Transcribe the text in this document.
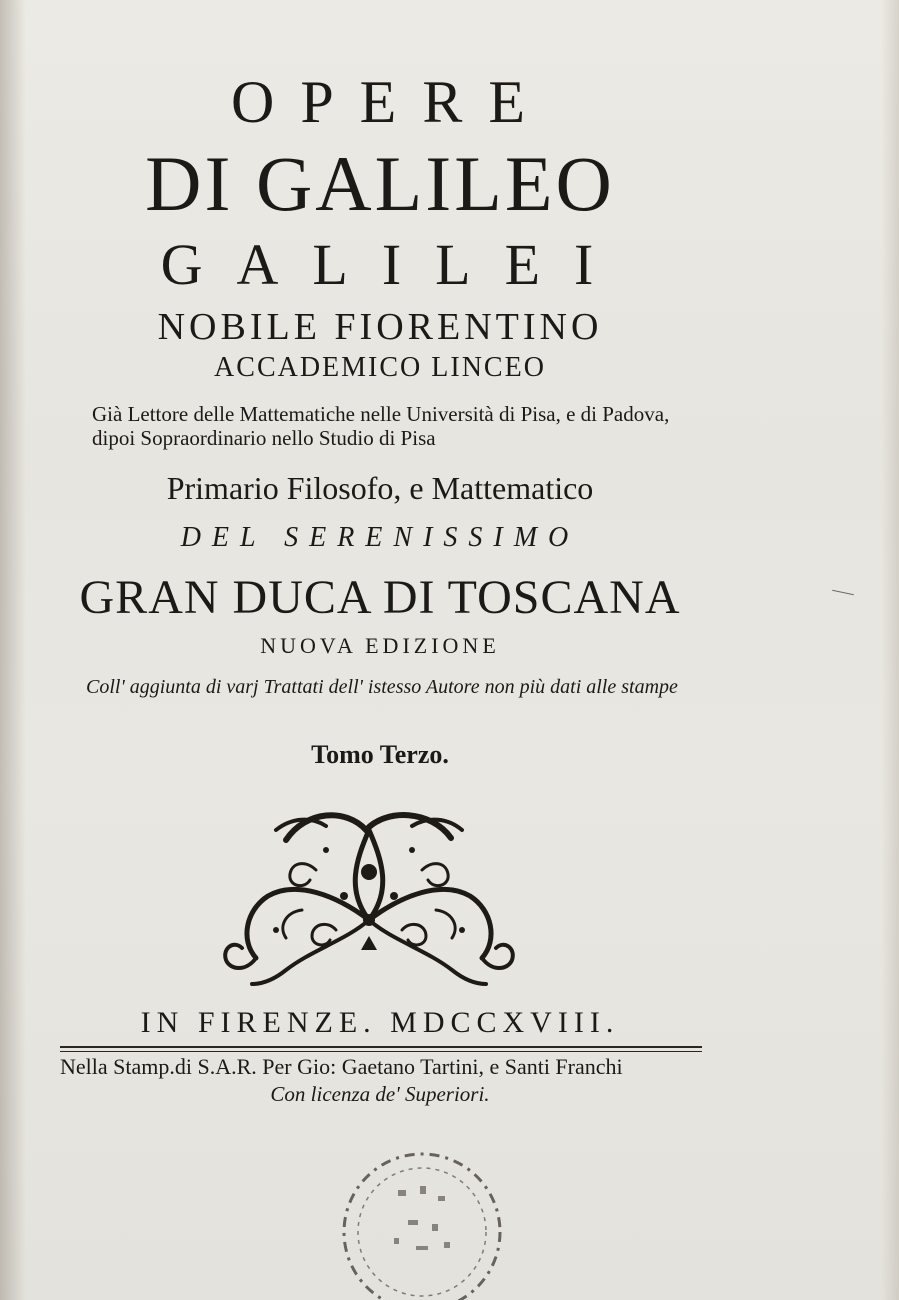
OPERE

DI GALILEO

GALILEI

NOBILE FIORENTINO

ACCADEMICO LINCEO

Già Lettore delle Mattematiche nelle Università di Pisa, e di Padova, dipoi Sopraordinario nello Studio di Pisa

Primario Filosofo, e Mattematico

DEL SERENISSIMO

GRAN DUCA DI TOSCANA

NUOVA EDIZIONE

Coll' aggiunta di varj Trattati dell' istesso Autore non più dati alle stampe

Tomo Terzo.

IN FIRENZE. MDCCXVIII.

Nella Stamp.di S.A.R. Per Gio: Gaetano Tartini, e Santi Franchi

Con licenza de' Superiori.
